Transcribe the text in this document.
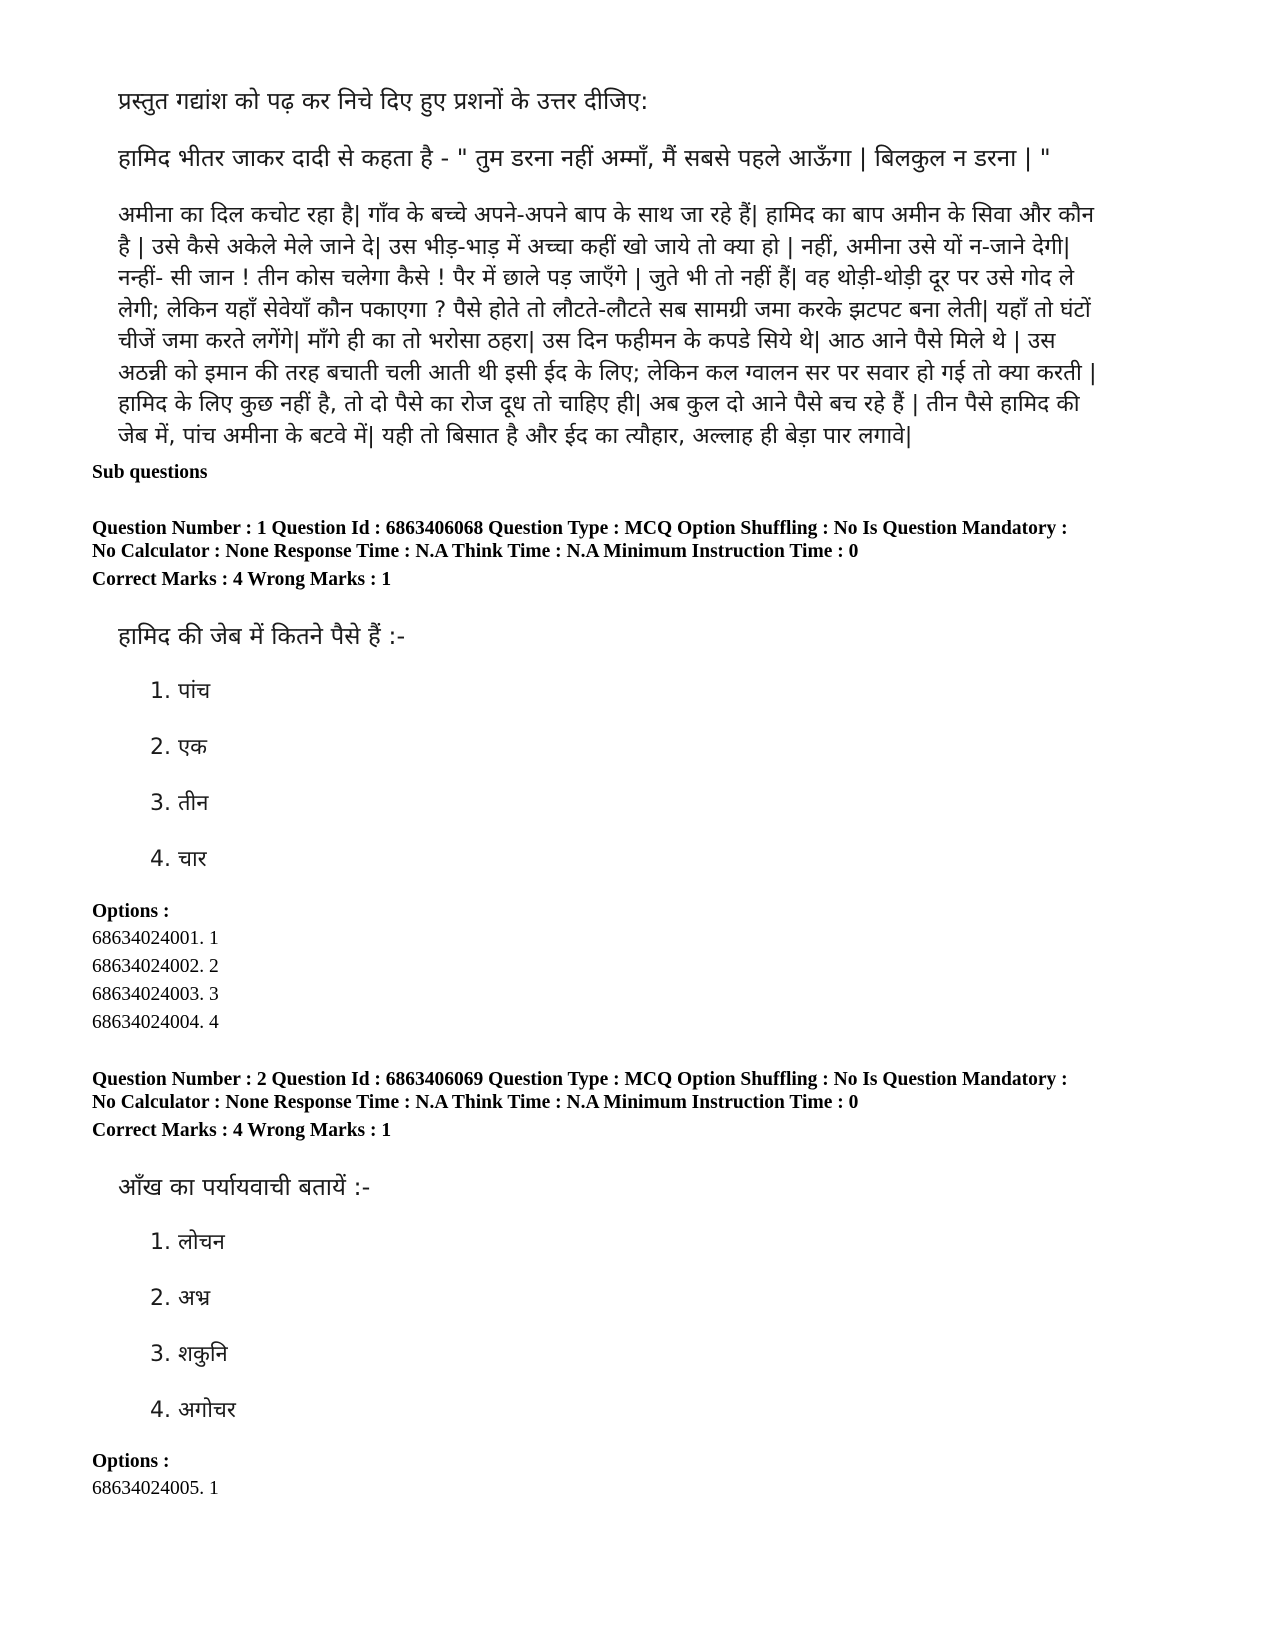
प्रस्तुत गद्यांश को पढ़ कर निचे दिए हुए प्रशनों के उत्तर दीजिए:

हामिद भीतर जाकर दादी से कहता है - " तुम डरना नहीं अम्माँ, मैं सबसे पहले आऊँगा | बिलकुल न डरना | "

अमीना का दिल कचोट रहा है| गाँव के बच्चे अपने-अपने बाप के साथ जा रहे हैं| हामिद का बाप अमीन के सिवा और कौन
है | उसे कैसे अकेले मेले जाने दे| उस भीड़-भाड़ में अच्चा कहीं खो जाये तो क्या हो | नहीं, अमीना उसे यों न-जाने देगी|
नन्हीं- सी जान ! तीन कोस चलेगा कैसे ! पैर में छाले पड़ जाएँगे | जुते भी तो नहीं हैं| वह थोड़ी-थोड़ी दूर पर उसे गोद ले
लेगी; लेकिन यहाँ सेवेयाँ कौन पकाएगा ? पैसे होते तो लौटते-लौटते सब सामग्री जमा करके झटपट बना लेती| यहाँ तो घंटों
चीजें जमा करते लगेंगे| माँगे ही का तो भरोसा ठहरा| उस दिन फहीमन के कपडे सिये थे| आठ आने पैसे मिले थे | उस
अठन्नी को इमान की तरह बचाती चली आती थी इसी ईद के लिए; लेकिन कल ग्वालन सर पर सवार हो गई तो क्या करती |
हामिद के लिए कुछ नहीं है, तो दो पैसे का रोज दूध तो चाहिए ही| अब कुल दो आने पैसे बच रहे हैं | तीन पैसे हामिद की
जेब में, पांच अमीना के बटवे में| यही तो बिसात है और ईद का त्यौहार, अल्लाह ही बेड़ा पार लगावे|

Sub questions

Question Number : 1 Question Id : 6863406068 Question Type : MCQ Option Shuffling : No Is Question Mandatory :

No Calculator : None Response Time : N.A Think Time : N.A Minimum Instruction Time : 0

Correct Marks : 4 Wrong Marks : 1

हामिद की जेब में कितने पैसे हैं :-

1. पांच

2. एक

3. तीन

4. चार

Options :

68634024001. 1

68634024002. 2

68634024003. 3

68634024004. 4

Question Number : 2 Question Id : 6863406069 Question Type : MCQ Option Shuffling : No Is Question Mandatory :

No Calculator : None Response Time : N.A Think Time : N.A Minimum Instruction Time : 0

Correct Marks : 4 Wrong Marks : 1

आँख का पर्यायवाची बतायें :-

1. लोचन

2. अभ्र

3. शकुनि

4. अगोचर

Options :

68634024005. 1
